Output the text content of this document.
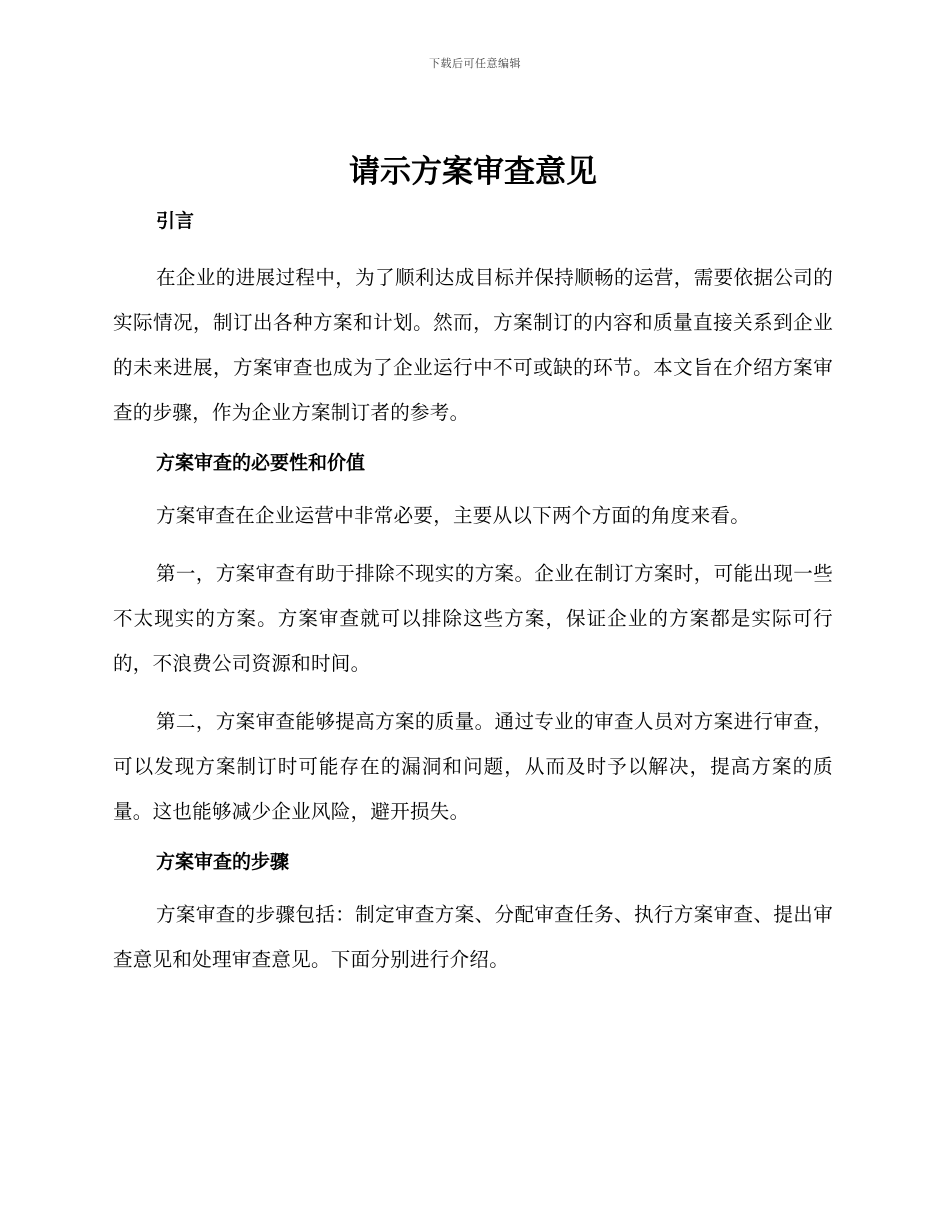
下载后可任意编辑
请示方案审查意见
引言

在企业的进展过程中，为了顺利达成目标并保持顺畅的运营，需要依据公司的实际情况，制订出各种方案和计划。然而，方案制订的内容和质量直接关系到企业的未来进展，方案审查也成为了企业运行中不可或缺的环节。本文旨在介绍方案审查的步骤，作为企业方案制订者的参考。

方案审查的必要性和价值

方案审查在企业运营中非常必要，主要从以下两个方面的角度来看。

第一，方案审查有助于排除不现实的方案。企业在制订方案时，可能出现一些不太现实的方案。方案审查就可以排除这些方案，保证企业的方案都是实际可行的，不浪费公司资源和时间。

第二，方案审查能够提高方案的质量。通过专业的审查人员对方案进行审查，可以发现方案制订时可能存在的漏洞和问题，从而及时予以解决，提高方案的质量。这也能够减少企业风险，避开损失。

方案审查的步骤

方案审查的步骤包括：制定审查方案、分配审查任务、执行方案审查、提出审查意见和处理审查意见。下面分别进行介绍。
